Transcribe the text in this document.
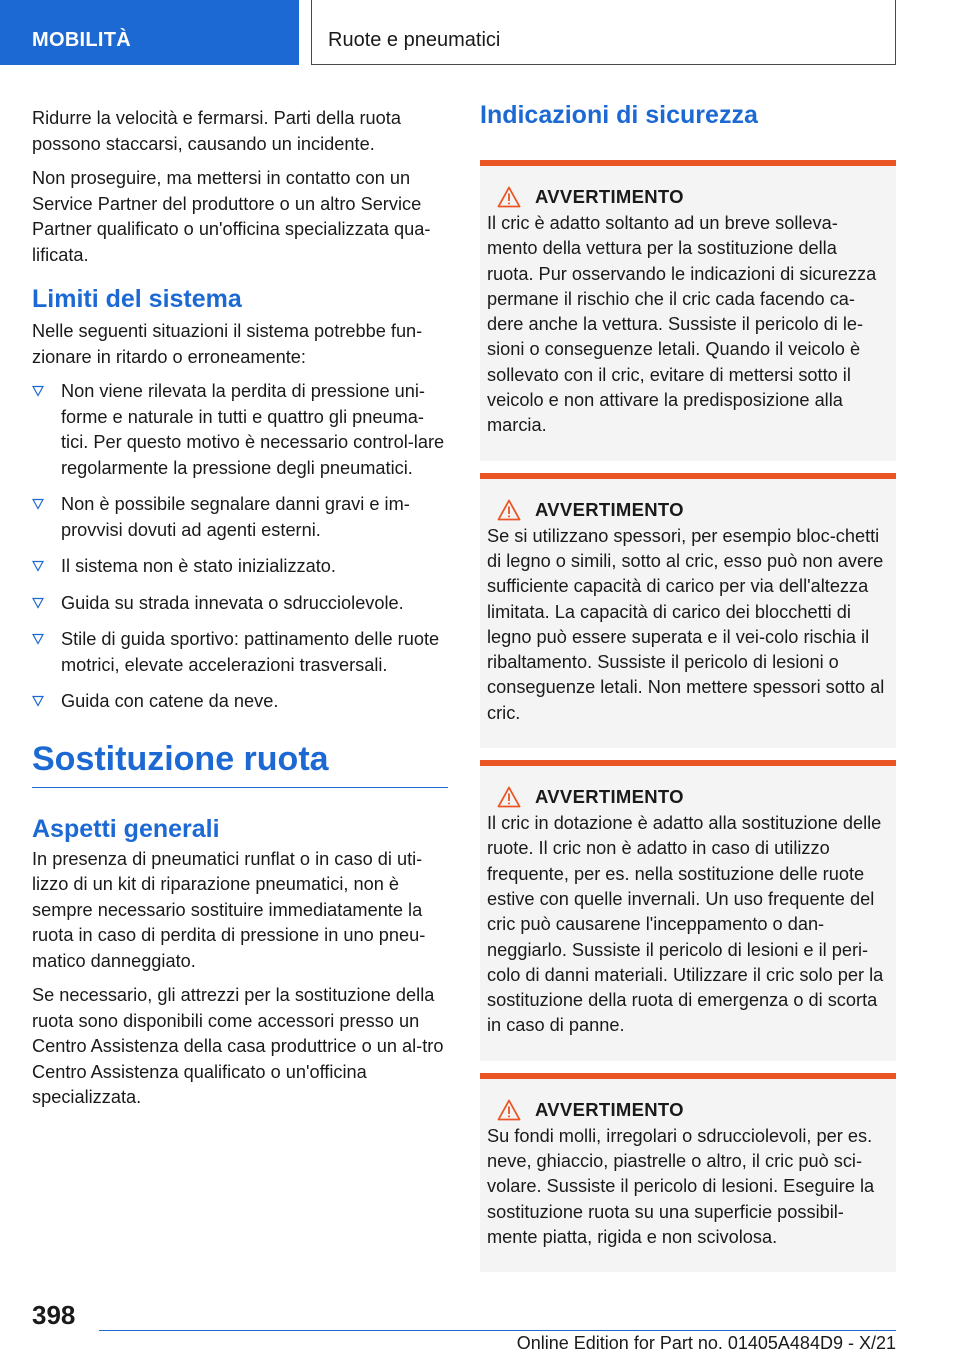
MOBILITÀ	Ruote e pneumatici

Ridurre la velocità e fermarsi. Parti della ruota possono staccarsi, causando un incidente.

Non proseguire, ma mettersi in contatto con un Service Partner del produttore o un altro Service Partner qualificato o un'officina specializzata qua‐lificata.

Limiti del sistema

Nelle seguenti situazioni il sistema potrebbe fun‐zionare in ritardo o erroneamente:

Non viene rilevata la perdita di pressione uni‐forme e naturale in tutti e quattro gli pneuma‐tici. Per questo motivo è necessario control‐lare regolarmente la pressione degli pneumatici.
Non è possibile segnalare danni gravi e im‐provvisi dovuti ad agenti esterni.
Il sistema non è stato inizializzato.
Guida su strada innevata o sdrucciolevole.
Stile di guida sportivo: pattinamento delle ruote motrici, elevate accelerazioni trasversali.
Guida con catene da neve.
Sostituzione ruota
Aspetti generali

In presenza di pneumatici runflat o in caso di uti‐lizzo di un kit di riparazione pneumatici, non è sempre necessario sostituire immediatamente la ruota in caso di perdita di pressione in uno pneu‐matico danneggiato.

Se necessario, gli attrezzi per la sostituzione della ruota sono disponibili come accessori presso un Centro Assistenza della casa produttrice o un al‐tro Centro Assistenza qualificato o un'officina specializzata.

Indicazioni di sicurezza
AVVERTIMENTO

Il cric è adatto soltanto ad un breve solleva‐mento della vettura per la sostituzione della ruota. Pur osservando le indicazioni di sicurezza permane il rischio che il cric cada facendo ca‐dere anche la vettura. Sussiste il pericolo di le‐sioni o conseguenze letali. Quando il veicolo è sollevato con il cric, evitare di mettersi sotto il veicolo e non attivare la predisposizione alla marcia.

AVVERTIMENTO

Se si utilizzano spessori, per esempio bloc‐chetti di legno o simili, sotto al cric, esso può non avere sufficiente capacità di carico per via dell'altezza limitata. La capacità di carico dei blocchetti di legno può essere superata e il vei‐colo rischia il ribaltamento. Sussiste il pericolo di lesioni o conseguenze letali. Non mettere spessori sotto al cric.

AVVERTIMENTO

Il cric in dotazione è adatto alla sostituzione delle ruote. Il cric non è adatto in caso di utilizzo frequente, per es. nella sostituzione delle ruote estive con quelle invernali. Un uso frequente del cric può causarene l'inceppamento o dan‐neggiarlo. Sussiste il pericolo di lesioni e il peri‐colo di danni materiali. Utilizzare il cric solo per la sostituzione della ruota di emergenza o di scorta in caso di panne.

AVVERTIMENTO

Su fondi molli, irregolari o sdrucciolevoli, per es. neve, ghiaccio, piastrelle o altro, il cric può sci‐volare. Sussiste il pericolo di lesioni. Eseguire la sostituzione ruota su una superficie possibil‐mente piatta, rigida e non scivolosa.

398
Online Edition for Part no. 01405A484D9 - X/21
